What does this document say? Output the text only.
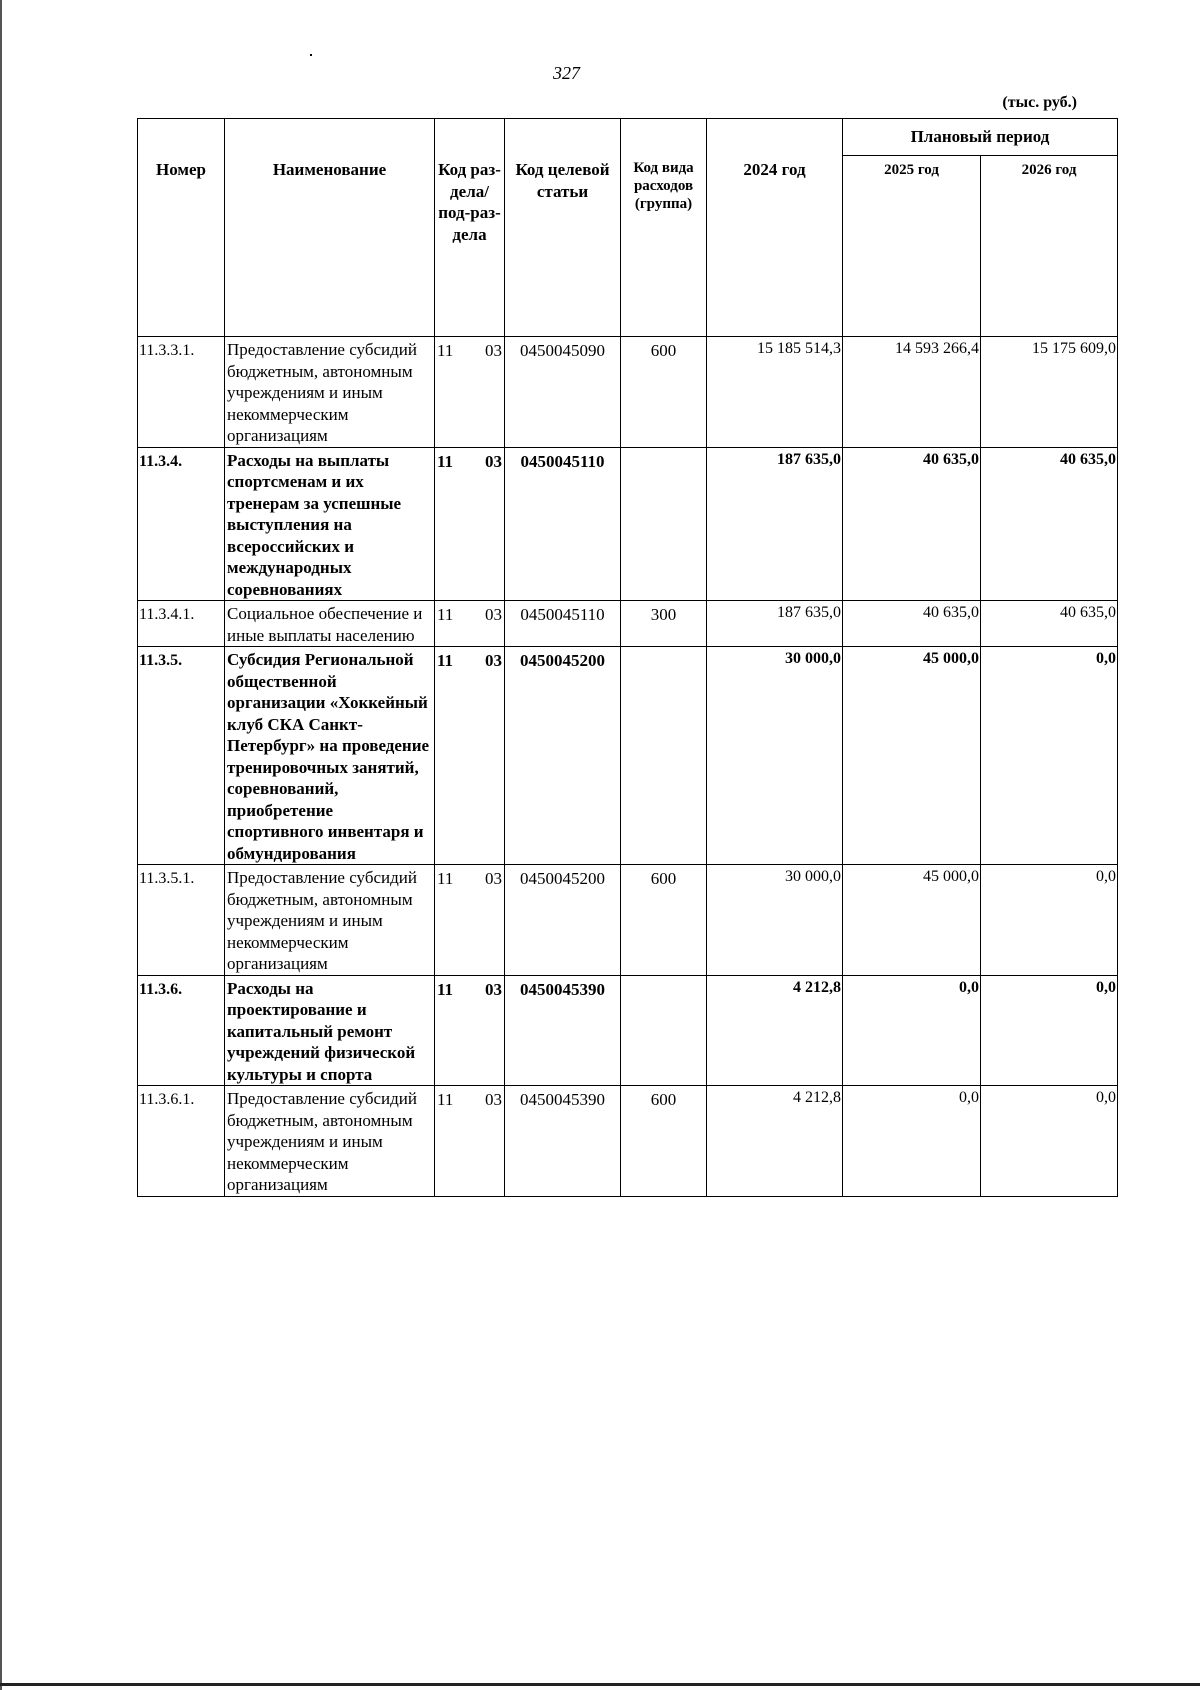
327
(тыс. руб.)
Номер	Наименование	Код раз-дела/ под-раз-дела	Код целевой статьи	Код вида расходов (группа)	2024 год	Плановый период	
						2025 год	2026 год
11.3.3.1.	Предоставление субсидий бюджетным, автономным учреждениям и иным некоммерческим организациям	11 03	0450045090	600	15 185 514,3	14 593 266,4	15 175 609,0
11.3.4.	Расходы на выплаты спортсменам и их тренерам за успешные выступления на всероссийских и международных соревнованиях	11 03	0450045110		187 635,0	40 635,0	40 635,0
11.3.4.1.	Социальное обеспечение и иные выплаты населению	11 03	0450045110	300	187 635,0	40 635,0	40 635,0
11.3.5.	Субсидия Региональной общественной организации «Хоккейный клуб СКА Санкт-Петербург» на проведение тренировочных занятий, соревнований, приобретение спортивного инвентаря и обмундирования	11 03	0450045200		30 000,0	45 000,0	0,0
11.3.5.1.	Предоставление субсидий бюджетным, автономным учреждениям и иным некоммерческим организациям	11 03	0450045200	600	30 000,0	45 000,0	0,0
11.3.6.	Расходы на проектирование и капитальный ремонт учреждений физической культуры и спорта	11 03	0450045390		4 212,8	0,0	0,0
11.3.6.1.	Предоставление субсидий бюджетным, автономным учреждениям и иным некоммерческим организациям	11 03	0450045390	600	4 212,8	0,0	0,0
